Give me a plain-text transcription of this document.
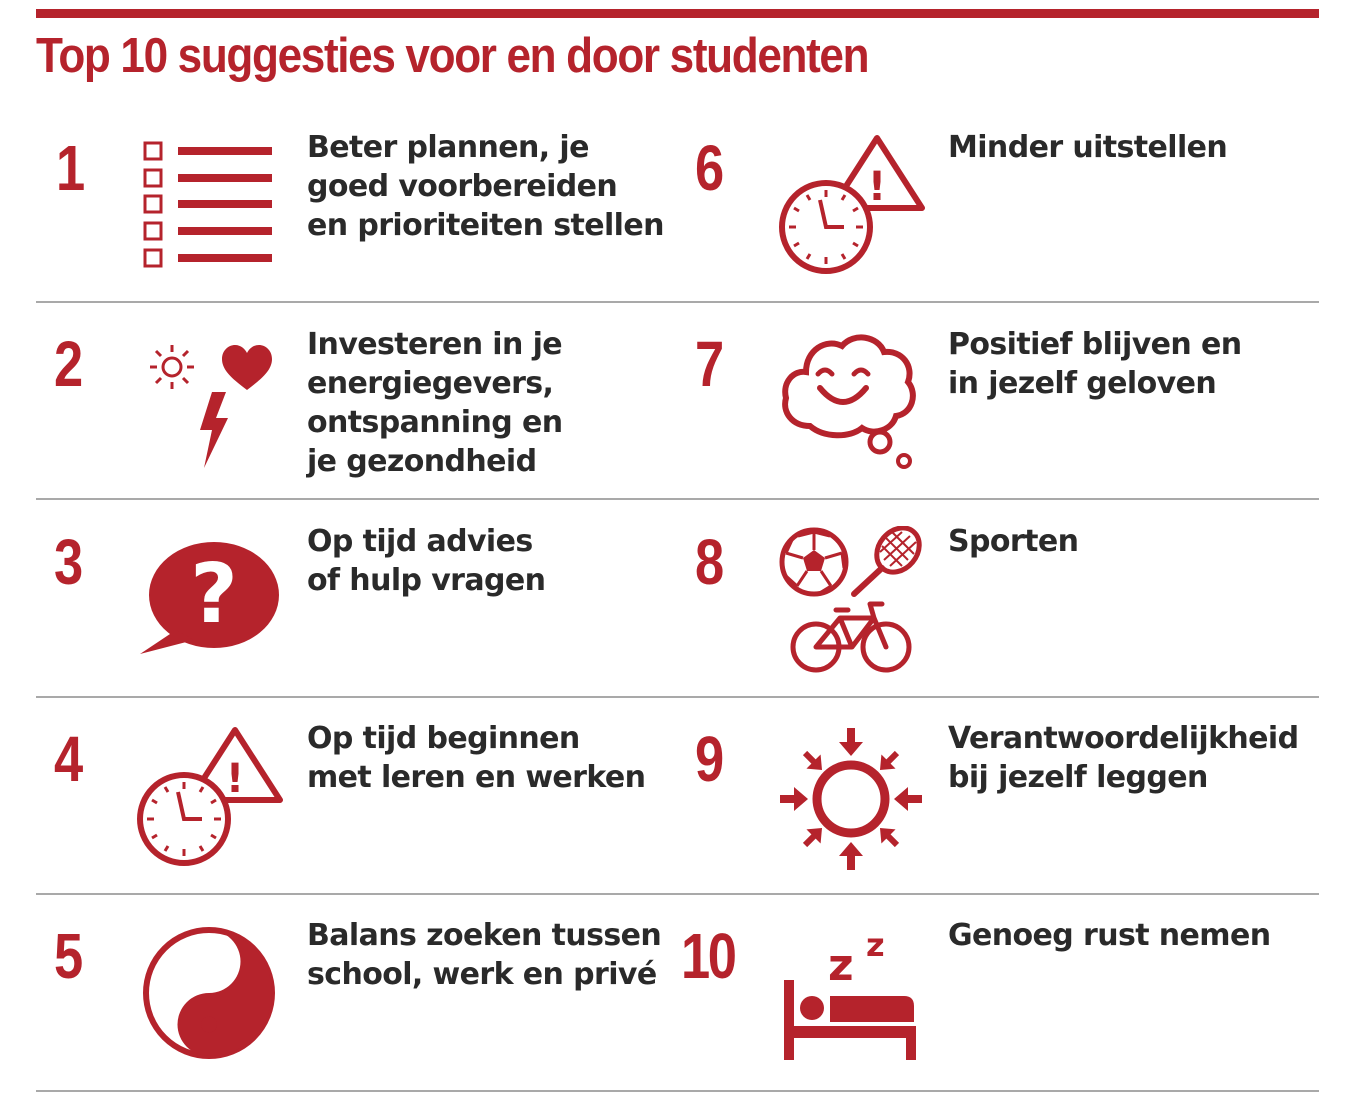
Top 10 suggesties voor en door studenten
1	Beter plannen, je
goed voorbereiden
en prioriteiten stellen
2	Investeren in je
energiegevers,
ontspanning en
je gezondheid
3 ?
Op tijd advies
of hulp vragen
4	!
Op tijd beginnen
met leren en werken
5	Balans zoeken tussen
school, werk en privé
6	!
Minder uitstellen
7	Positief blijven en
in jezelf geloven
8	Sporten
9	Verantwoordelijkheid
bij jezelf leggen
10 z z Genoeg rust nemen
